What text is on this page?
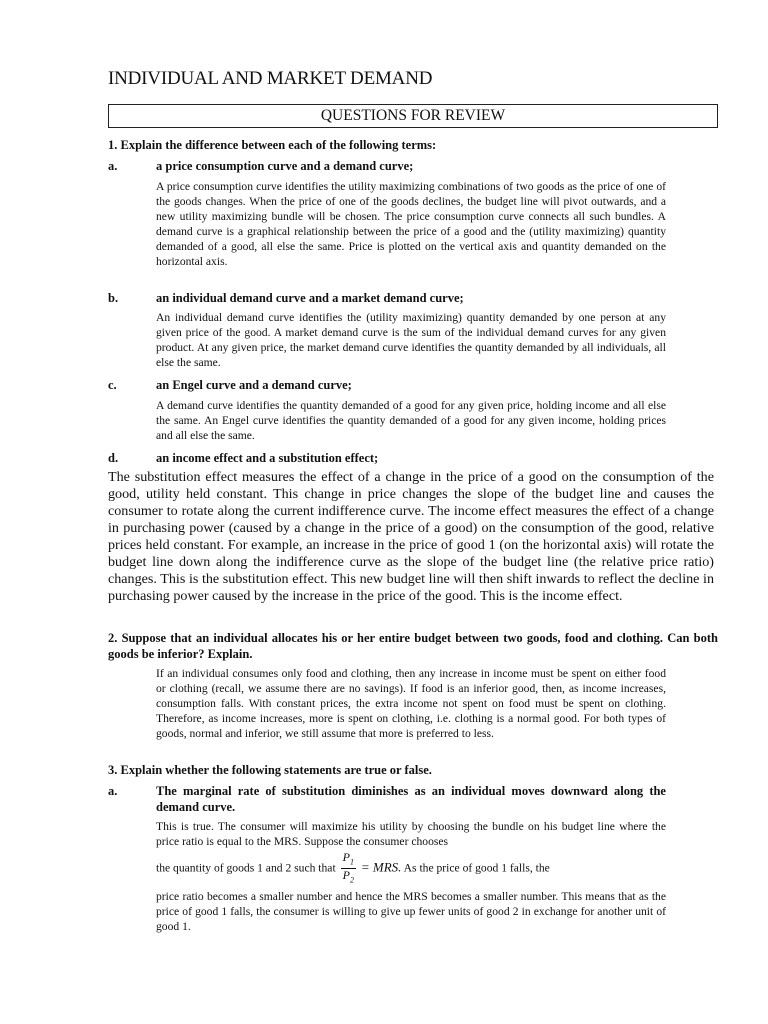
INDIVIDUAL AND MARKET DEMAND
QUESTIONS FOR REVIEW
1. Explain the difference between each of the following terms:
a.	a price consumption curve and a demand curve;
A price consumption curve identifies the utility maximizing combinations of two goods as the price of one of the goods changes. When the price of one of the goods declines, the budget line will pivot outwards, and a new utility maximizing bundle will be chosen. The price consumption curve connects all such bundles. A demand curve is a graphical relationship between the price of a good and the (utility maximizing) quantity demanded of a good, all else the same. Price is plotted on the vertical axis and quantity demanded on the horizontal axis.
b.	an individual demand curve and a market demand curve;
An individual demand curve identifies the (utility maximizing) quantity demanded by one person at any given price of the good. A market demand curve is the sum of the individual demand curves for any given product. At any given price, the market demand curve identifies the quantity demanded by all individuals, all else the same.
c.	an Engel curve and a demand curve;
A demand curve identifies the quantity demanded of a good for any given price, holding income and all else the same. An Engel curve identifies the quantity demanded of a good for any given income, holding prices and all else the same.
d.	an income effect and a substitution effect;
The substitution effect measures the effect of a change in the price of a good on the consumption of the good, utility held constant. This change in price changes the slope of the budget line and causes the consumer to rotate along the current indifference curve. The income effect measures the effect of a change in purchasing power (caused by a change in the price of a good) on the consumption of the good, relative prices held constant. For example, an increase in the price of good 1 (on the horizontal axis) will rotate the budget line down along the indifference curve as the slope of the budget line (the relative price ratio) changes. This is the substitution effect. This new budget line will then shift inwards to reflect the decline in purchasing power caused by the increase in the price of the good. This is the income effect.
2. Suppose that an individual allocates his or her entire budget between two goods, food and clothing. Can both goods be inferior? Explain.
If an individual consumes only food and clothing, then any increase in income must be spent on either food or clothing (recall, we assume there are no savings). If food is an inferior good, then, as income increases, consumption falls. With constant prices, the extra income not spent on food must be spent on clothing. Therefore, as income increases, more is spent on clothing, i.e. clothing is a normal good. For both types of goods, normal and inferior, we still assume that more is preferred to less.
3. Explain whether the following statements are true or false.
a.	The marginal rate of substitution diminishes as an individual moves downward along the demand curve.
This is true. The consumer will maximize his utility by choosing the bundle on his budget line where the price ratio is equal to the MRS. Suppose the consumer chooses
the quantity of goods 1 and 2 such that $\frac{P_1}{P_2}$ = MRS. As the price of good 1 falls, the
price ratio becomes a smaller number and hence the MRS becomes a smaller number. This means that as the price of good 1 falls, the consumer is willing to give up fewer units of good 2 in exchange for another unit of good 1.
